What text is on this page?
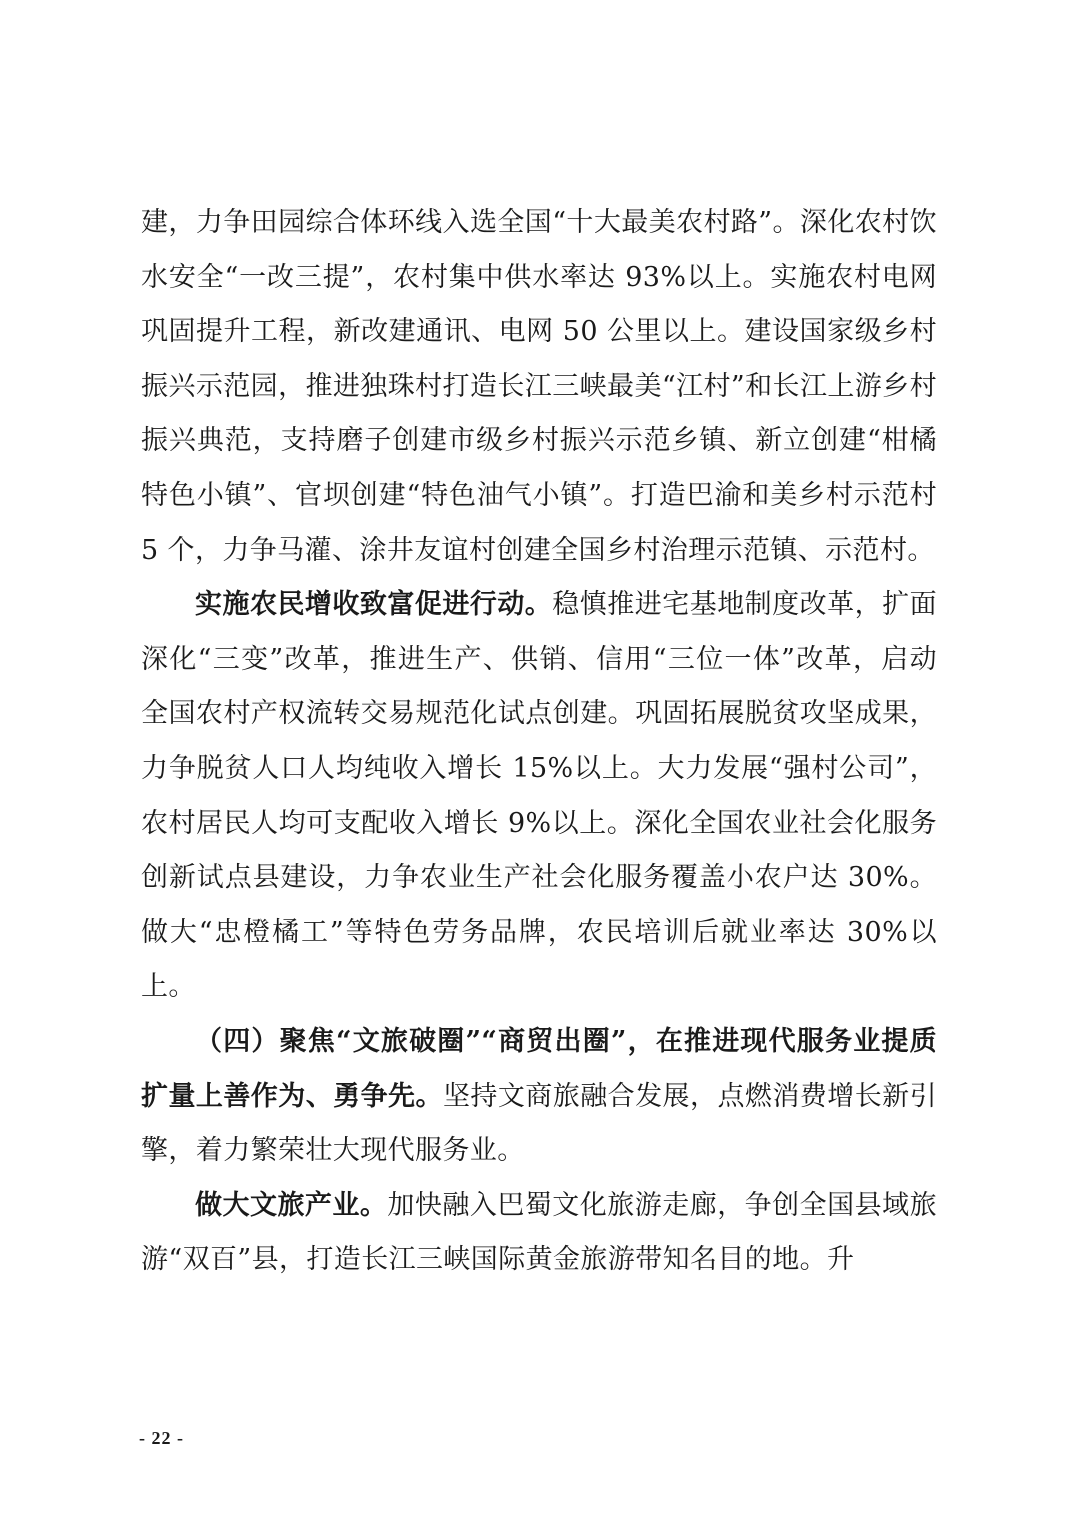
建，力争田园综合体环线入选全国“十大最美农村路”。深化农村饮水安全“一改三提”，农村集中供水率达 93%以上。实施农村电网巩固提升工程，新改建通讯、电网 50 公里以上。建设国家级乡村振兴示范园，推进独珠村打造长江三峡最美“江村”和长江上游乡村振兴典范，支持磨子创建市级乡村振兴示范乡镇、新立创建“柑橘特色小镇”、官坝创建“特色油气小镇”。打造巴渝和美乡村示范村 5 个，力争马灌、涂井友谊村创建全国乡村治理示范镇、示范村。

实施农民增收致富促进行动。稳慎推进宅基地制度改革，扩面深化“三变”改革，推进生产、供销、信用“三位一体”改革，启动全国农村产权流转交易规范化试点创建。巩固拓展脱贫攻坚成果，力争脱贫人口人均纯收入增长 15%以上。大力发展“强村公司”，农村居民人均可支配收入增长 9%以上。深化全国农业社会化服务创新试点县建设，力争农业生产社会化服务覆盖小农户达 30%。做大“忠橙橘工”等特色劳务品牌，农民培训后就业率达 30%以上。

（四）聚焦“文旅破圈”“商贸出圈”，在推进现代服务业提质扩量上善作为、勇争先。坚持文商旅融合发展，点燃消费增长新引擎，着力繁荣壮大现代服务业。

做大文旅产业。加快融入巴蜀文化旅游走廊，争创全国县域旅游“双百”县，打造长江三峡国际黄金旅游带知名目的地。升

- 22 -
